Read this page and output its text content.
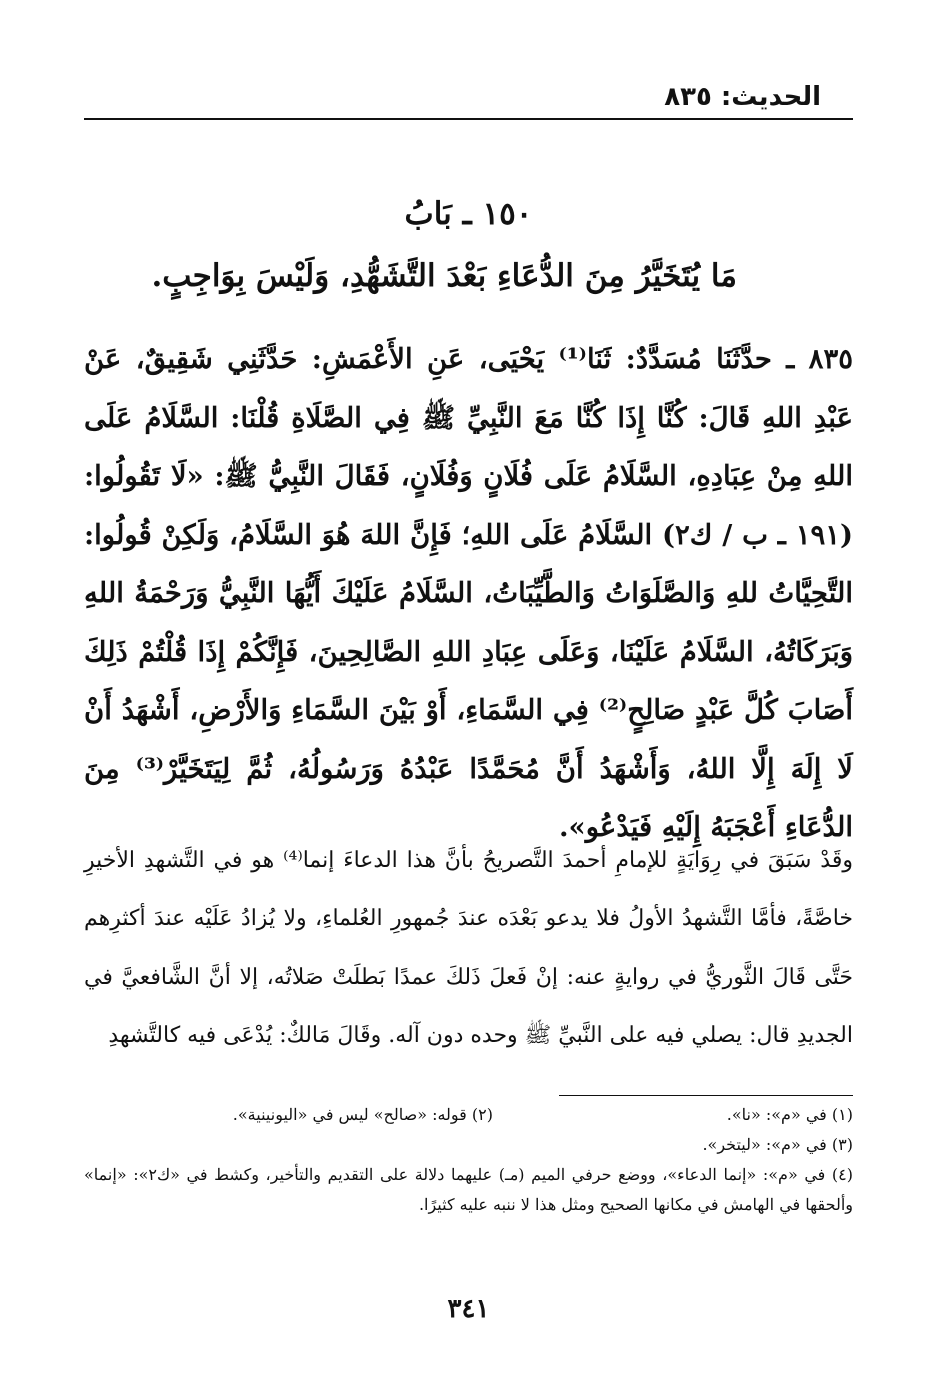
الحديث: ٨٣٥
١٥٠ ـ بَابُ
مَا يُتَخَيَّرُ مِنَ الدُّعَاءِ بَعْدَ التَّشَهُّدِ، وَلَيْسَ بِوَاجِبٍ.
٨٣٥ ـ حدَّثَنَا مُسَدَّدٌ: ثَنَا⁽¹⁾ يَحْيَى، عَنِ الأَعْمَشِ: حَدَّثَنِي شَقِيقٌ، عَنْ عَبْدِ اللهِ قَالَ: كُنَّا إِذَا كُنَّا مَعَ النَّبِيِّ ﷺ فِي الصَّلَاةِ قُلْنَا: السَّلَامُ عَلَى اللهِ مِنْ عِبَادِهِ، السَّلَامُ عَلَى فُلَانٍ وَفُلَانٍ، فَقَالَ النَّبِيُّ ﷺ: «لَا تَقُولُوا: (١٩١ ـ ب / ك٢) السَّلَامُ عَلَى اللهِ؛ فَإِنَّ اللهَ هُوَ السَّلَامُ، وَلَكِنْ قُولُوا: التَّحِيَّاتُ للهِ وَالصَّلَوَاتُ وَالطَّيِّبَاتُ، السَّلَامُ عَلَيْكَ أَيُّهَا النَّبِيُّ وَرَحْمَةُ اللهِ وَبَرَكَاتُهُ، السَّلَامُ عَلَيْنَا، وَعَلَى عِبَادِ اللهِ الصَّالِحِينَ، فَإِنَّكُمْ إِذَا قُلْتُمْ ذَلِكَ أَصَابَ كُلَّ عَبْدٍ صَالِحٍ⁽²⁾ فِي السَّمَاءِ، أَوْ بَيْنَ السَّمَاءِ وَالأَرْضِ، أَشْهَدُ أَنْ لَا إِلَهَ إِلَّا اللهُ، وَأَشْهَدُ أَنَّ مُحَمَّدًا عَبْدُهُ وَرَسُولُهُ، ثُمَّ لِيَتَخَيَّرْ⁽³⁾ مِنَ الدُّعَاءِ أَعْجَبَهُ إِلَيْهِ فَيَدْعُو».
وقَدْ سَبَقَ في رِوَايَةٍ للإمامِ أحمدَ التَّصريحُ بأنَّ هذا الدعاءَ إنما⁽⁴⁾ هو في التَّشهدِ الأخيرِ خاصَّةً، فأمَّا التَّشهدُ الأولُ فلا يدعو بَعْدَه عندَ جُمهورِ العُلماءِ، ولا يُزادُ عَلَيْه عندَ أكثرِهم حَتَّى قَالَ الثَّوريُّ في روايةٍ عنه: إنْ فَعلَ ذَلكَ عمدًا بَطلَتْ صَلاتُه، إلا أنَّ الشَّافعيَّ في الجديدِ قال: يصلي فيه على النَّبيِّ ﷺ وحده دون آله. وقَالَ مَالكٌ: يُدْعَى فيه كالتَّشهدِ
(١) في «م»: «نا».
(٢) قوله: «صالح» ليس في «اليونينية».
(٣) في «م»: «ليتخر».
(٤) في «م»: «إنما الدعاء»، ووضع حرفي الميم (مـ) عليهما دلالة على التقديم والتأخير، وكشط في «ك٢»: «إنما» وألحقها في الهامش في مكانها الصحيح ومثل هذا لا ننبه عليه كثيرًا.
٣٤١
